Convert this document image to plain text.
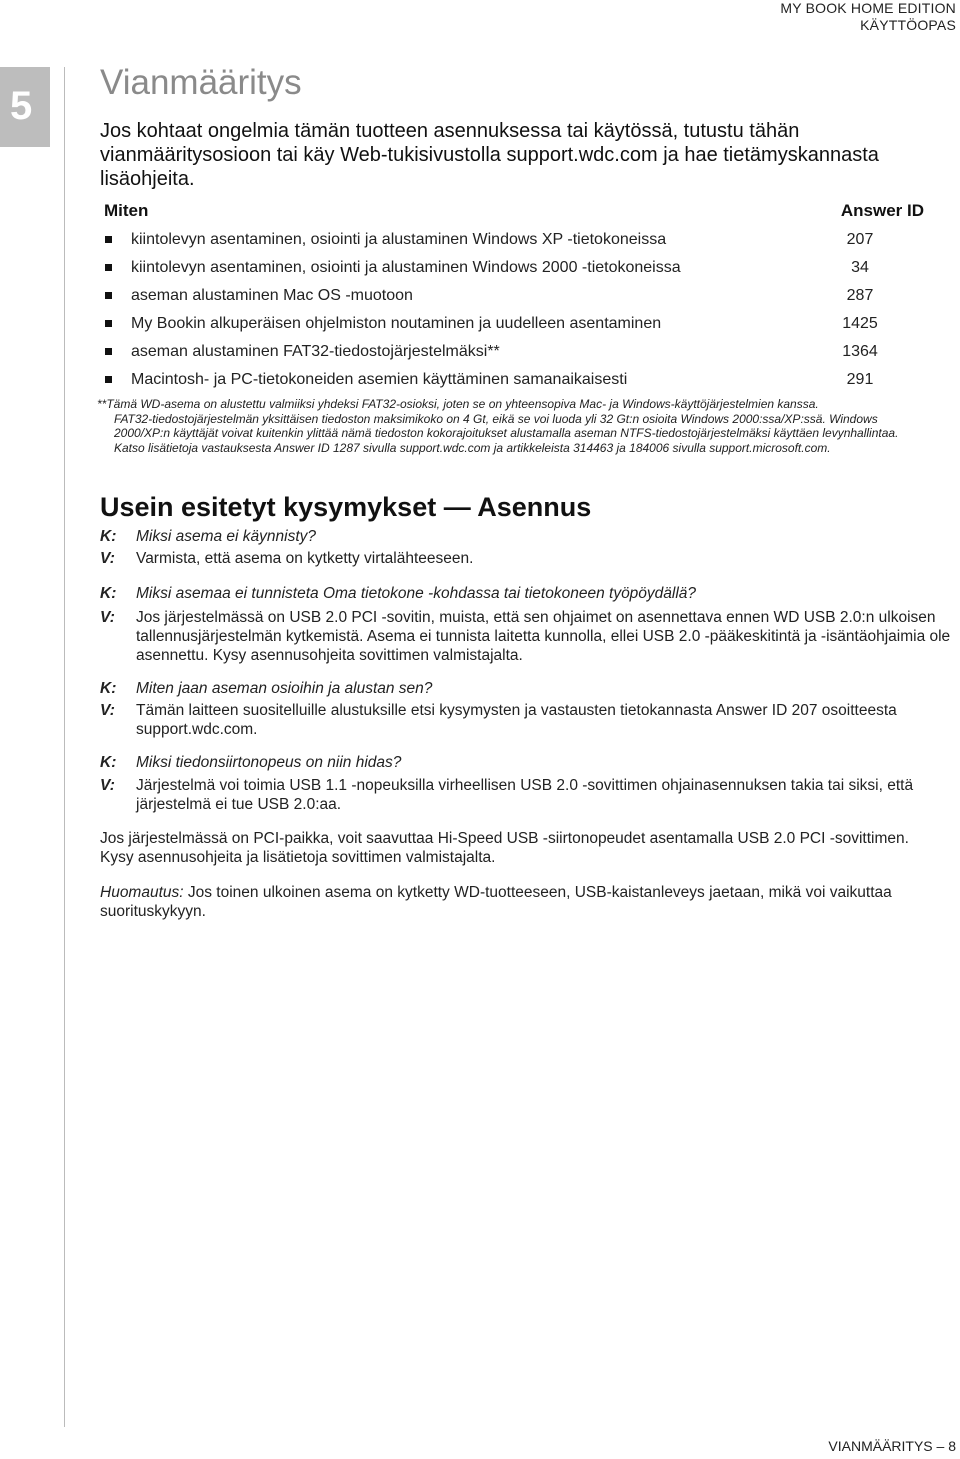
MY BOOK HOME EDITION
KÄYTTÖOPAS
5
Vianmääritys
Jos kohtaat ongelmia tämän tuotteen asennuksessa tai käytössä, tutustu tähän vianmääritysosioon tai käy Web-tukisivustolla support.wdc.com ja hae tietämyskannasta lisäohjeita.
Miten	Answer ID
kiintolevyn asentaminen, osiointi ja alustaminen Windows XP -tietokoneissa	207
kiintolevyn asentaminen, osiointi ja alustaminen Windows 2000 -tietokoneissa	34
aseman alustaminen Mac OS -muotoon	287
My Bookin alkuperäisen ohjelmiston noutaminen ja uudelleen asentaminen	1425
aseman alustaminen FAT32-tiedostojärjestelmäksi**	1364
Macintosh- ja PC-tietokoneiden asemien käyttäminen samanaikaisesti	291
**Tämä WD-asema on alustettu valmiiksi yhdeksi FAT32-osioksi, joten se on yhteensopiva Mac- ja Windows-käyttöjärjestelmien kanssa.
FAT32-tiedostojärjestelmän yksittäisen tiedoston maksimikoko on 4 Gt, eikä se voi luoda yli 32 Gt:n osioita Windows 2000:ssa/XP:ssä. Windows 2000/XP:n käyttäjät voivat kuitenkin ylittää nämä tiedoston kokorajoitukset alustamalla aseman NTFS-tiedostojärjestelmäksi käyttäen levynhallintaa. Katso lisätietoja vastauksesta Answer ID 1287 sivulla support.wdc.com ja artikkeleista 314463 ja 184006 sivulla support.microsoft.com.
Usein esitetyt kysymykset — Asennus
K: Miksi asema ei käynnisty?
V: Varmista, että asema on kytketty virtalähteeseen.
K: Miksi asemaa ei tunnisteta Oma tietokone -kohdassa tai tietokoneen työpöydällä?
V: Jos järjestelmässä on USB 2.0 PCI -sovitin, muista, että sen ohjaimet on asennettava ennen WD USB 2.0:n ulkoisen tallennusjärjestelmän kytkemistä. Asema ei tunnista laitetta kunnolla, ellei USB 2.0 -pääkeskitintä ja -isäntäohjaimia ole asennettu. Kysy asennusohjeita sovittimen valmistajalta.
K: Miten jaan aseman osioihin ja alustan sen?
V: Tämän laitteen suositelluille alustuksille etsi kysymysten ja vastausten tietokannasta Answer ID 207 osoitteesta support.wdc.com.
K: Miksi tiedonsiirtonopeus on niin hidas?
V: Järjestelmä voi toimia USB 1.1 -nopeuksilla virheellisen USB 2.0 -sovittimen ohjainasennuksen takia tai siksi, että järjestelmä ei tue USB 2.0:aa.
Jos järjestelmässä on PCI-paikka, voit saavuttaa Hi-Speed USB -siirtonopeudet asentamalla USB 2.0 PCI -sovittimen. Kysy asennusohjeita ja lisätietoja sovittimen valmistajalta.
Huomautus: Jos toinen ulkoinen asema on kytketty WD-tuotteeseen, USB-kaistanleveys jaetaan, mikä voi vaikuttaa suorituskykyyn.
VIANMÄÄRITYS – 8
